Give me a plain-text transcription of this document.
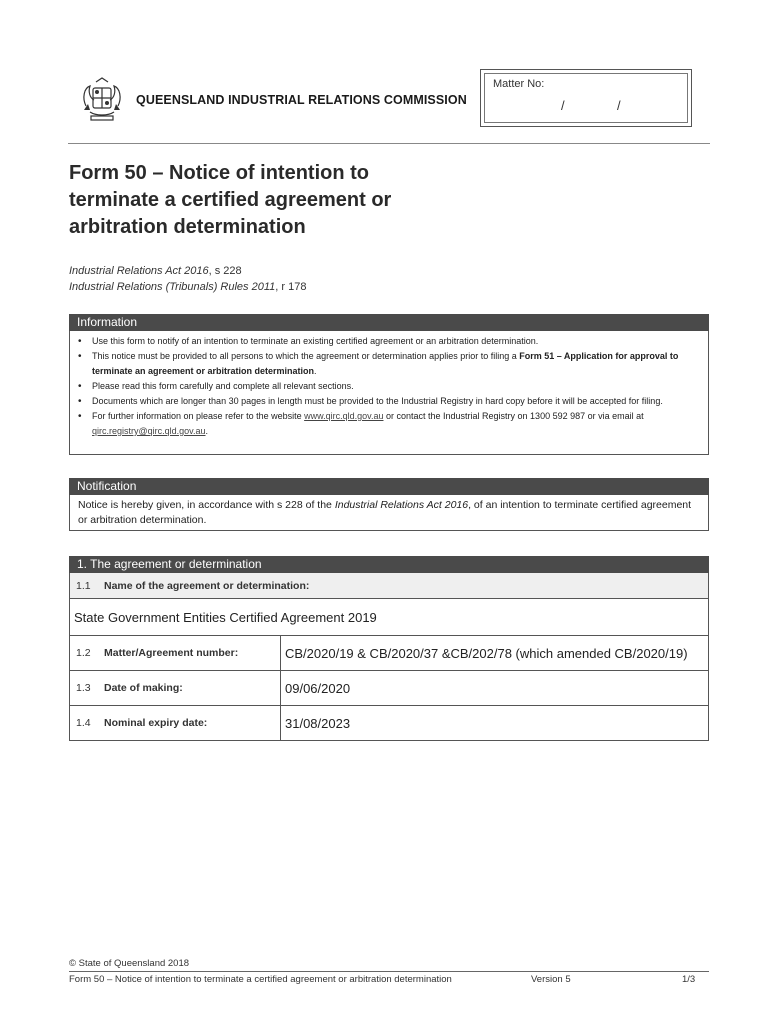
QUEENSLAND INDUSTRIAL RELATIONS COMMISSION
Matter No:
/	/
Form 50 – Notice of intention to
terminate a certified agreement or
arbitration determination
Industrial Relations Act 2016, s 228
Industrial Relations (Tribunals) Rules 2011, r 178
Information
• Use this form to notify of an intention to terminate an existing certified agreement or an arbitration determination.
• This notice must be provided to all persons to which the agreement or determination applies prior to filing a Form 51 – Application for approval to terminate an agreement or arbitration determination.
• Please read this form carefully and complete all relevant sections.
• Documents which are longer than 30 pages in length must be provided to the Industrial Registry in hard copy before it will be accepted for filing.
• For further information on please refer to the website www.qirc.qld.gov.au or contact the Industrial Registry on 1300 592 987 or via email at qirc.registry@qirc.qld.gov.au.
Notification
Notice is hereby given, in accordance with s 228 of the Industrial Relations Act 2016, of an intention to terminate certified agreement or arbitration determination.
1. The agreement or determination
1.1	Name of the agreement or determination:
State Government Entities Certified Agreement 2019
1.2	Matter/Agreement number:	CB/2020/19 & CB/2020/37 &CB/202/78 (which amended CB/2020/19)
1.3	Date of making:	09/06/2020
1.4	Nominal expiry date:	31/08/2023
© State of Queensland 2018
Form 50 – Notice of intention to terminate a certified agreement or arbitration determination	Version 5	1/3
